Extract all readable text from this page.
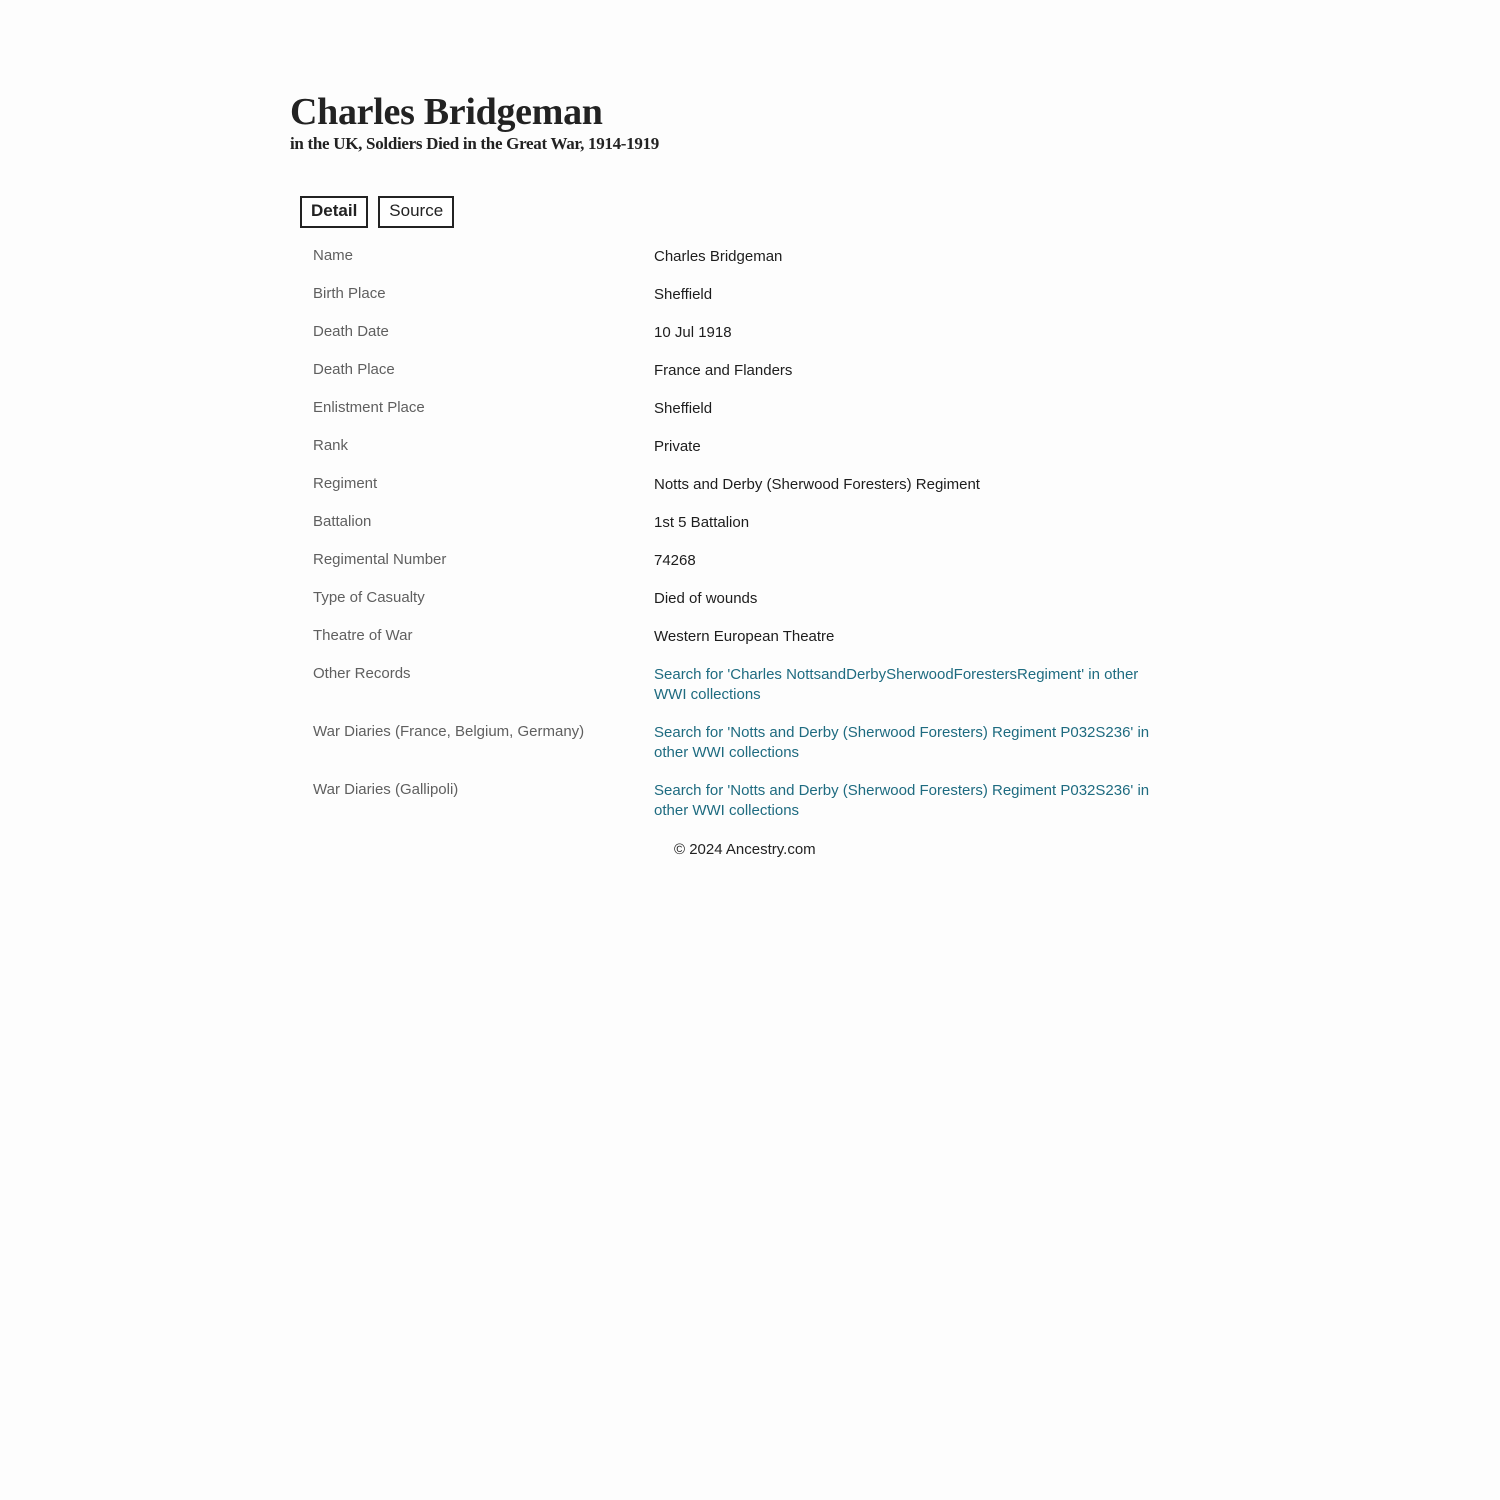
Charles Bridgeman
in the UK, Soldiers Died in the Great War, 1914-1919
Detail	Source
Name	Charles Bridgeman
Birth Place	Sheffield
Death Date	10 Jul 1918
Death Place	France and Flanders
Enlistment Place	Sheffield
Rank	Private
Regiment	Notts and Derby (Sherwood Foresters) Regiment
Battalion	1st 5 Battalion
Regimental Number	74268
Type of Casualty	Died of wounds
Theatre of War	Western European Theatre
Other Records	Search for 'Charles NottsandDerbySherwoodForestersRegiment' in other WWI collections
War Diaries (France, Belgium, Germany)	Search for 'Notts and Derby (Sherwood Foresters) Regiment P032S236' in other WWI collections
War Diaries (Gallipoli)	Search for 'Notts and Derby (Sherwood Foresters) Regiment P032S236' in other WWI collections
© 2024 Ancestry.com
